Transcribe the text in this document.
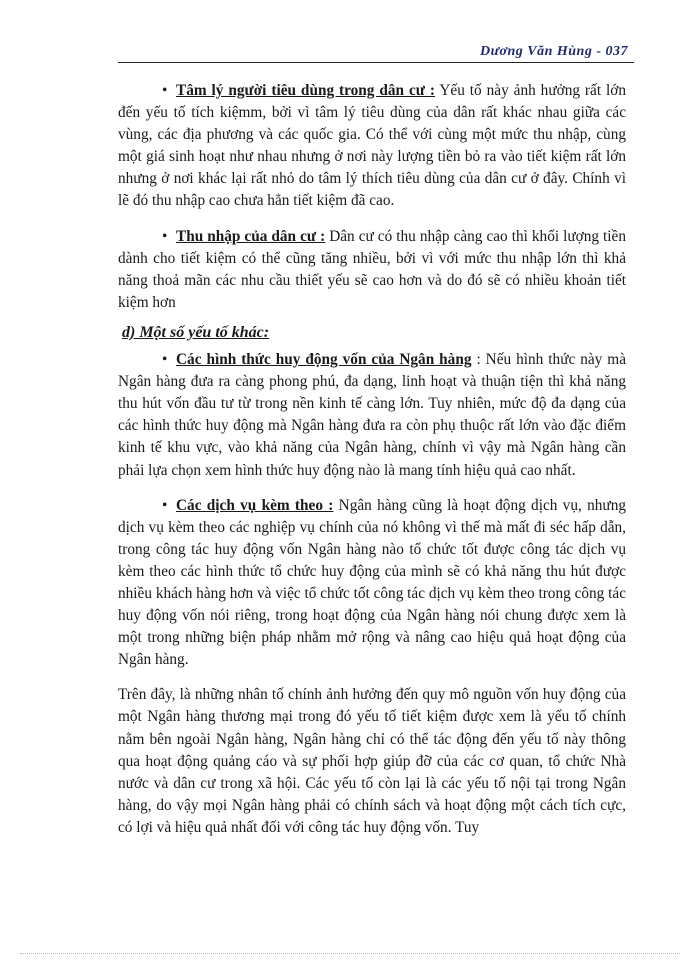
Dương Văn Hùng - 037

• Tâm lý người tiêu dùng trong dân cư : Yếu tố này ảnh hưởng rất lớn đến yếu tố tích kiệmm, bởi vì tâm lý tiêu dùng của dân rất khác nhau giữa các vùng, các địa phương và các quốc gia. Có thể với cùng một mức thu nhập, cùng một giá sinh hoạt như nhau nhưng ở nơi này lượng tiền bỏ ra vào tiết kiệm rất lớn nhưng ở nơi khác lại rất nhỏ do tâm lý thích tiêu dùng của dân cư ở đây. Chính vì lẽ đó thu nhập cao chưa hẳn tiết kiệm đã cao.

• Thu nhập của dân cư : Dân cư có thu nhập càng cao thì khối lượng tiền dành cho tiết kiệm có thể cũng tăng nhiều, bởi vì với mức thu nhập lớn thì khả năng thoả mãn các nhu cầu thiết yếu sẽ cao hơn và do đó sẽ có nhiều khoản tiết kiệm hơn

d) Một số yếu tố khác:

• Các hình thức huy động vốn của Ngân hàng : Nếu hình thức này mà Ngân hàng đưa ra càng phong phú, đa dạng, linh hoạt và thuận tiện thì khả năng thu hút vốn đầu tư từ trong nền kinh tế càng lớn. Tuy nhiên, mức độ đa dạng của các hình thức huy động mà Ngân hàng đưa ra còn phụ thuộc rất lớn vào đặc điểm kinh tế khu vực, vào khả năng của Ngân hàng, chính vì vậy mà Ngân hàng cần phải lựa chọn xem hình thức huy động nào là mang tính hiệu quả cao nhất.

• Các dịch vụ kèm theo : Ngân hàng cũng là hoạt động dịch vụ, nhưng dịch vụ kèm theo các nghiệp vụ chính của nó không vì thế mà mất đi séc hấp dẫn, trong công tác huy động vốn Ngân hàng nào tổ chức tốt được công tác dịch vụ kèm theo các hình thức tổ chức huy động của mình sẽ có khả năng thu hút được nhiều khách hàng hơn và việc tổ chức tốt công tác dịch vụ kèm theo trong công tác huy động vốn nói riêng, trong hoạt động của Ngân hàng nói chung được xem là một trong những biện pháp nhằm mở rộng và nâng cao hiệu quả hoạt động của Ngân hàng.

Trên đây, là những nhân tố chính ảnh hưởng đến quy mô nguồn vốn huy động của một Ngân hàng thương mại trong đó yếu tố tiết kiệm được xem là yếu tố chính nằm bên ngoài Ngân hàng, Ngân hàng chỉ có thể tác động đến yếu tố này thông qua hoạt động quảng cáo và sự phối hợp giúp đỡ của các cơ quan, tổ chức Nhà nước và dân cư trong xã hội. Các yếu tố còn lại là các yếu tố nội tại trong Ngân hàng, do vậy mọi Ngân hàng phải có chính sách và hoạt động một cách tích cực, có lợi và hiệu quả nhất đối với công tác huy động vốn. Tuy
